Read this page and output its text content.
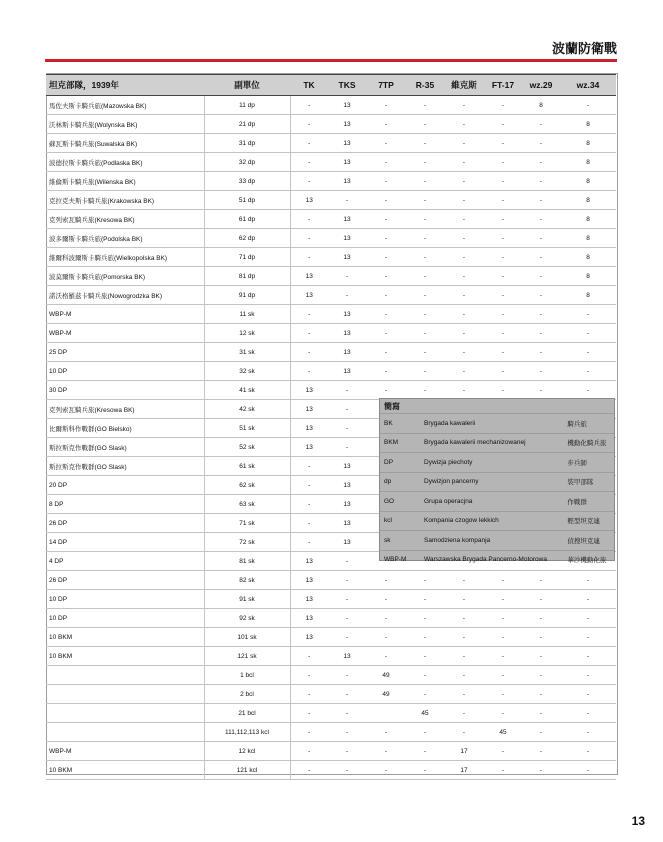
波蘭防衛戰
坦克部隊，1939年	副單位	TK	TKS	7TP	R-35	維克斯	FT-17	wz.29	wz.34
馬佐夫斯卡騎兵旅(Mazowska BK)	11 dp	-	13	-	-	-	-	8	-
沃林斯卡騎兵旅(Wolynska BK)	21 dp	-	13	-	-	-	-	-	8
蘇瓦斯卡騎兵旅(Suwalska BK)	31 dp	-	13	-	-	-	-	-	8
波德拉斯卡騎兵旅(Podlaska BK)	32 dp	-	13	-	-	-	-	-	8
維倫斯卡騎兵旅(Wilenska BK)	33 dp	-	13	-	-	-	-	-	8
克拉克夫斯卡騎兵旅(Krakowska BK)	51 dp	13	-	-	-	-	-	-	8
克列索瓦騎兵旅(Kresowa BK)	61 dp	-	13	-	-	-	-	-	8
波多爾斯卡騎兵旅(Podolska BK)	62 dp	-	13	-	-	-	-	-	8
維爾科波爾斯卡騎兵旅(Wielkopolska BK)	71 dp	-	13	-	-	-	-	-	8
波莫爾斯卡騎兵旅(Pomorska BK)	81 dp	13	-	-	-	-	-	-	8
諾沃格羅茲卡騎兵旅(Nowogrodzka BK)	91 dp	13	-	-	-	-	-	-	8
WBP-M	11 sk	-	13	-	-	-	-	-	-
WBP-M	12 sk	-	13	-	-	-	-	-	-
25 DP	31 sk	-	13	-	-	-	-	-	-
10 DP	32 sk	-	13	-	-	-	-	-	-
30 DP	41 sk	13	-	-	-	-	-	-	-
克列索瓦騎兵旅(Kresowa BK)	42 sk	13	-						
比爾斯科作戰群(GO Bielsko)	51 sk	13	-						
斯拉斯克作戰群(GO Slask)	52 sk	13	-						
斯拉斯克作戰群(GO Slask)	61 sk	-	13						
20 DP	62 sk	-	13						
8 DP	63 sk	-	13						
26 DP	71 sk	-	13						
14 DP	72 sk	-	13						
4 DP	81 sk	13	-						
26 DP	82 sk	13	-	-	-	-	-	-	-
10 DP	91 sk	13	-	-	-	-	-	-	-
10 DP	92 sk	13	-	-	-	-	-	-	-
10 BKM	101 sk	13	-	-	-	-	-	-	-
10 BKM	121 sk	-	13	-	-	-	-	-	-
	1 bcl	-	-	49	-	-	-	-	-
	2 bcl	-	-	49	-	-	-	-	-
	21 bcl	-	-		45	-	-	-	-
	111,112,113 kcl	-	-	-	-	-	45	-	-
WBP-M	12 kcl	-	-	-	-	17	-	-	-
10 BKM	121 kcl	-	-	-	-	17	-	-	-
簡寫
BK	Brygada kawalerii	騎兵旅
BKM	Brygada kawalerii mechanizowanej	機動化騎兵旅
DP	Dywizja piechoty	步兵師
dp	Dywizjon pancerny	裝甲部隊
GO	Grupa operacjna	作戰群
kcl	Kompania czogow lekkich	輕型坦克連
sk	Samodziena kompanja	偵搜坦克連
WBP-M	Warszawska Brygada Pancerno-Motorowa	華沙機動化旅
13
